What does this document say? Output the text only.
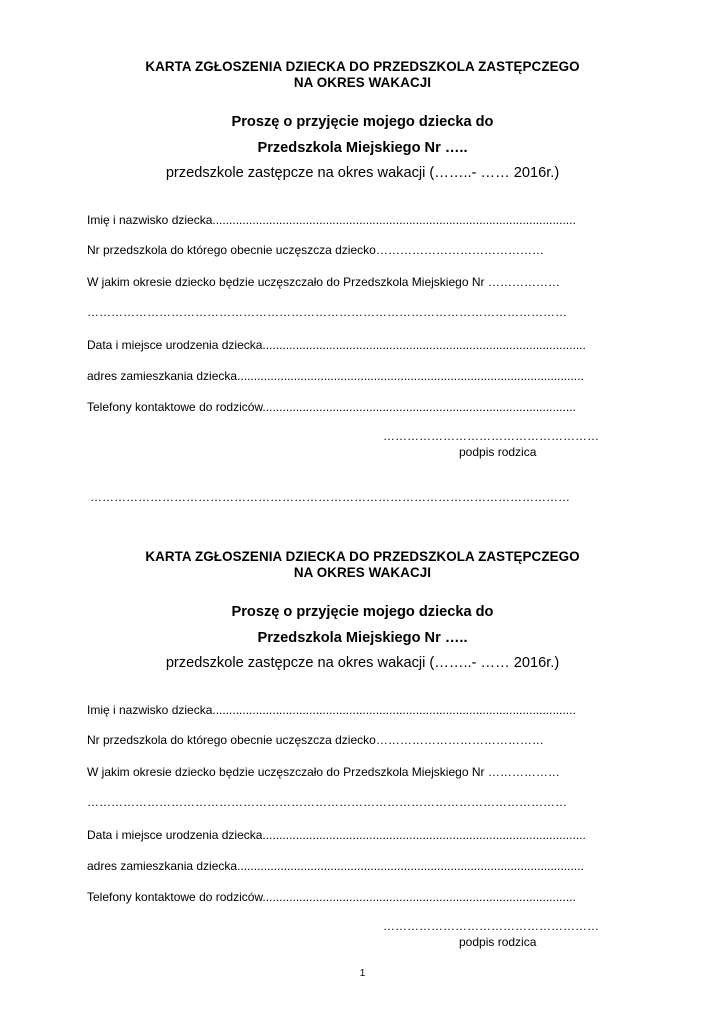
KARTA ZGŁOSZENIA DZIECKA DO PRZEDSZKOLA ZASTĘPCZEGO

NA OKRES WAKACJI

Proszę o przyjęcie mojego dziecka do
Przedszkola Miejskiego Nr …..
przedszkole zastępcze na okres wakacji (……..- …… 2016r.)
Imię i nazwisko dziecka.............................................................................................................
Nr przedszkola do którego obecnie uczęszcza dziecko……………………………………
W jakim okresie dziecko będzie uczęszczało do Przedszkola Miejskiego Nr ………………
…………………………………………………………………………………………………………
Data i miejsce urodzenia dziecka.................................................................................................
adres zamieszkania dziecka........................................................................................................
Telefony kontaktowe do rodziców..............................................................................................
………………………………………………
podpis rodzica
…………………………………………………………………………………………………………

KARTA ZGŁOSZENIA DZIECKA DO PRZEDSZKOLA ZASTĘPCZEGO

NA OKRES WAKACJI

Proszę o przyjęcie mojego dziecka do
Przedszkola Miejskiego Nr …..
przedszkole zastępcze na okres wakacji (……..- …… 2016r.)
Imię i nazwisko dziecka.............................................................................................................
Nr przedszkola do którego obecnie uczęszcza dziecko……………………………………
W jakim okresie dziecko będzie uczęszczało do Przedszkola Miejskiego Nr ………………
…………………………………………………………………………………………………………
Data i miejsce urodzenia dziecka.................................................................................................
adres zamieszkania dziecka........................................................................................................
Telefony kontaktowe do rodziców..............................................................................................
………………………………………………
podpis rodzica
1
